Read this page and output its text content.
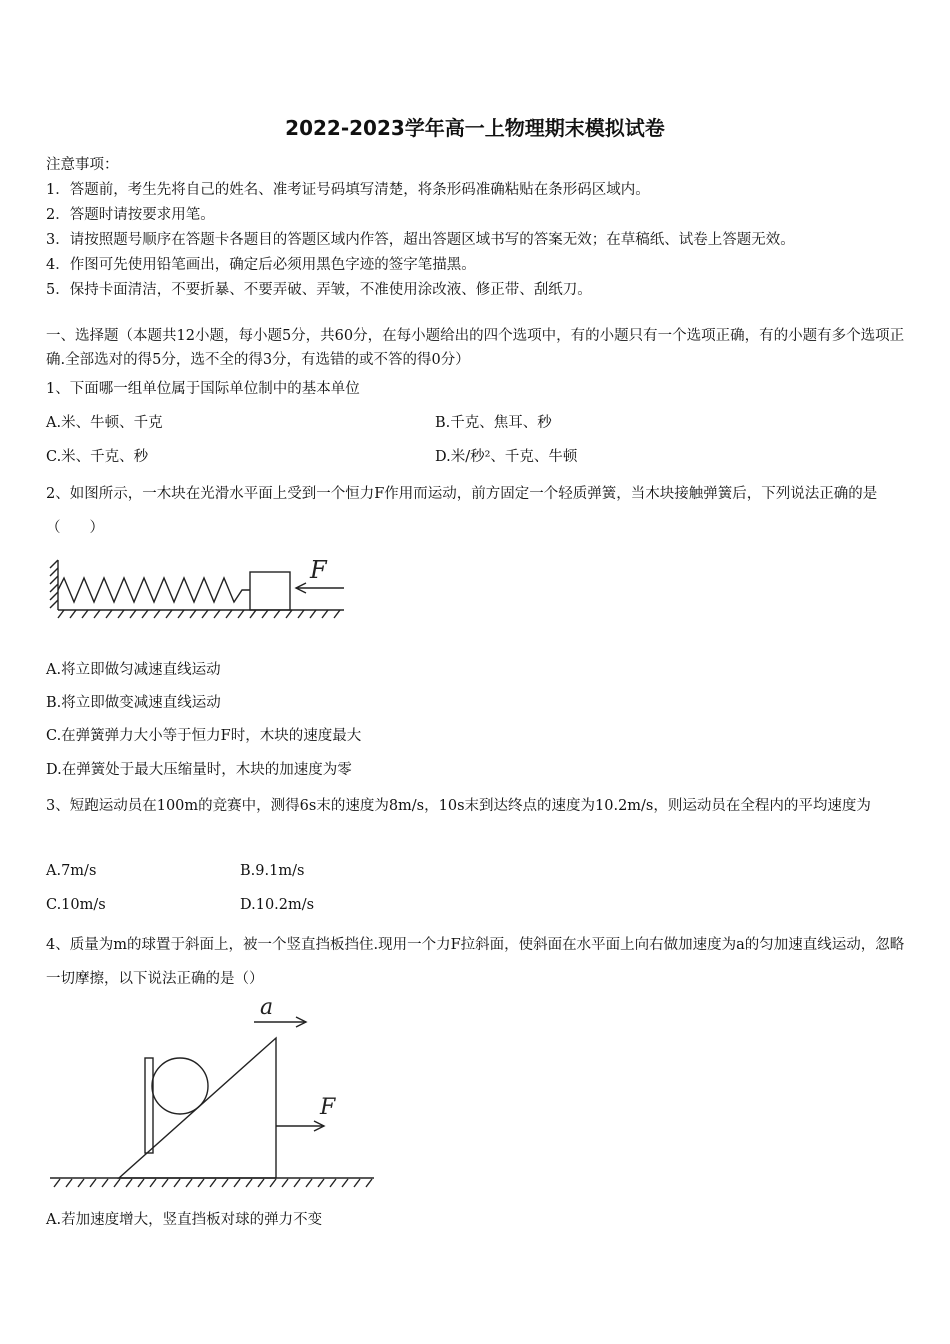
2022-2023学年高一上物理期末模拟试卷
注意事项：
1．答题前，考生先将自己的姓名、准考证号码填写清楚，将条形码准确粘贴在条形码区域内。
2．答题时请按要求用笔。
3．请按照题号顺序在答题卡各题目的答题区域内作答，超出答题区域书写的答案无效；在草稿纸、试卷上答题无效。
4．作图可先使用铅笔画出，确定后必须用黑色字迹的签字笔描黑。
5．保持卡面清洁，不要折暴、不要弄破、弄皱，不准使用涂改液、修正带、刮纸刀。
一、选择题（本题共12小题，每小题5分，共60分，在每小题给出的四个选项中，有的小题只有一个选项正确，有的小题有多个选项正确.全部选对的得5分，选不全的得3分，有选错的或不答的得0分）
1、下面哪一组单位属于国际单位制中的基本单位
A.米、牛顿、千克	B.千克、焦耳、秒
C.米、千克、秒	D.米/秒²、千克、牛顿
2、如图所示，一木块在光滑水平面上受到一个恒力F作用而运动，前方固定一个轻质弹簧，当木块接触弹簧后，下列说法正确的是（　　）
F
A.将立即做匀减速直线运动
B.将立即做变减速直线运动
C.在弹簧弹力大小等于恒力F时，木块的速度最大
D.在弹簧处于最大压缩量时，木块的加速度为零
3、短跑运动员在100m的竞赛中，测得6s末的速度为8m/s，10s末到达终点的速度为10.2m/s，则运动员在全程内的平均速度为
A.7m/s	B.9.1m/s
C.10m/s	D.10.2m/s
4、质量为m的球置于斜面上，被一个竖直挡板挡住.现用一个力F拉斜面，使斜面在水平面上向右做加速度为a的匀加速直线运动，忽略一切摩擦，以下说法正确的是（）
a
F
A.若加速度增大，竖直挡板对球的弹力不变
